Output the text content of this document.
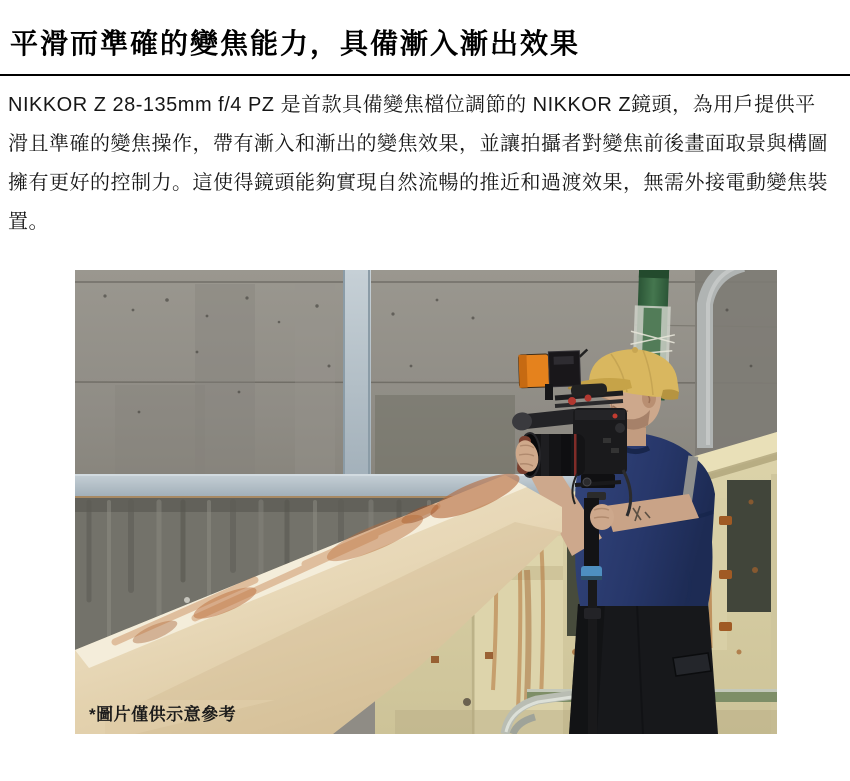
平滑而準確的變焦能力，具備漸入漸出效果

NIKKOR Z 28-135mm f/4 PZ 是首款具備變焦檔位調節的 NIKKOR Z鏡頭，為用戶提供平滑且準確的變焦操作，帶有漸入和漸出的變焦效果，並讓拍攝者對變焦前後畫面取景與構圖擁有更好的控制力。這使得鏡頭能夠實現自然流暢的推近和過渡效果，無需外接電動變焦裝置。

*圖片僅供示意參考
